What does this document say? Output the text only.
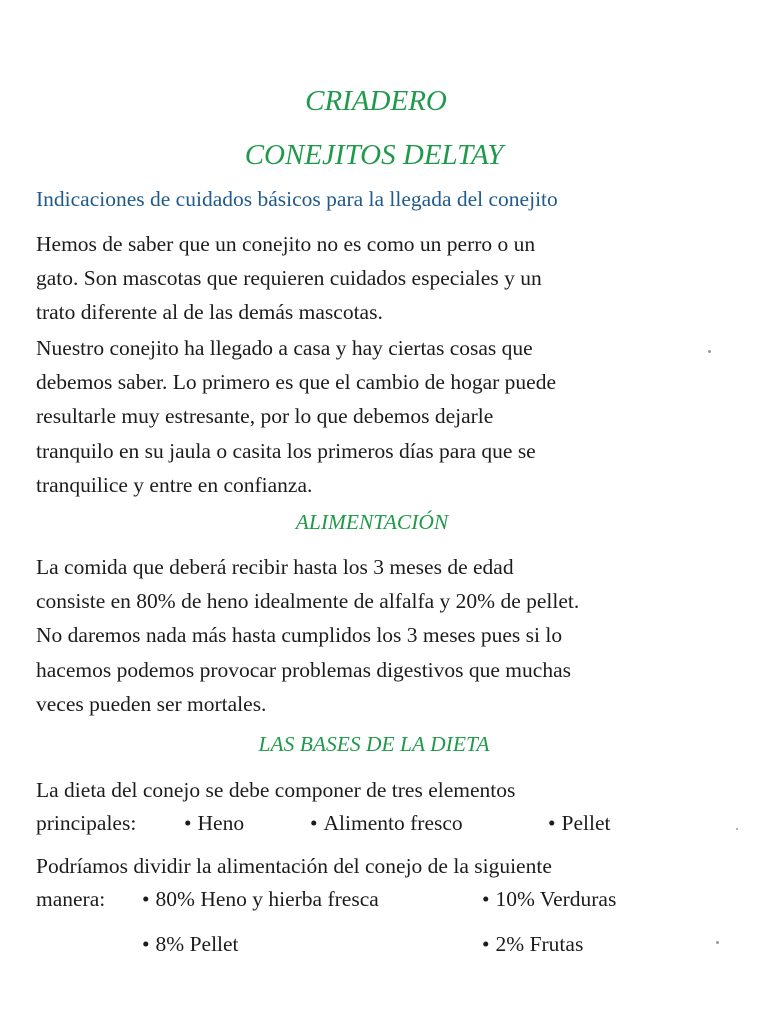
CRIADERO
CONEJITOS DELTAY
Indicaciones de cuidados básicos para la llegada del conejito
Hemos de saber que un conejito no es como un perro o un
gato. Son mascotas que requieren cuidados especiales y un
trato diferente al de las demás mascotas.
Nuestro conejito ha llegado a casa y hay ciertas cosas que
debemos saber. Lo primero es que el cambio de hogar puede
resultarle muy estresante, por lo que debemos dejarle
tranquilo en su jaula o casita los primeros días para que se
tranquilice y entre en confianza.
ALIMENTACIÓN
La comida que deberá recibir hasta los 3 meses de edad
consiste en 80% de heno idealmente de alfalfa y 20% de pellet.
No daremos nada más hasta cumplidos los 3 meses pues si lo
hacemos podemos provocar problemas digestivos que muchas
veces pueden ser mortales.
LAS BASES DE LA DIETA
La dieta del conejo se debe componer de tres elementos
principales:	• Heno	• Alimento fresco	• Pellet
Podríamos dividir la alimentación del conejo de la siguiente
manera:	• 80% Heno y hierba fresca	• 10% Verduras
• 8% Pellet	• 2% Frutas
